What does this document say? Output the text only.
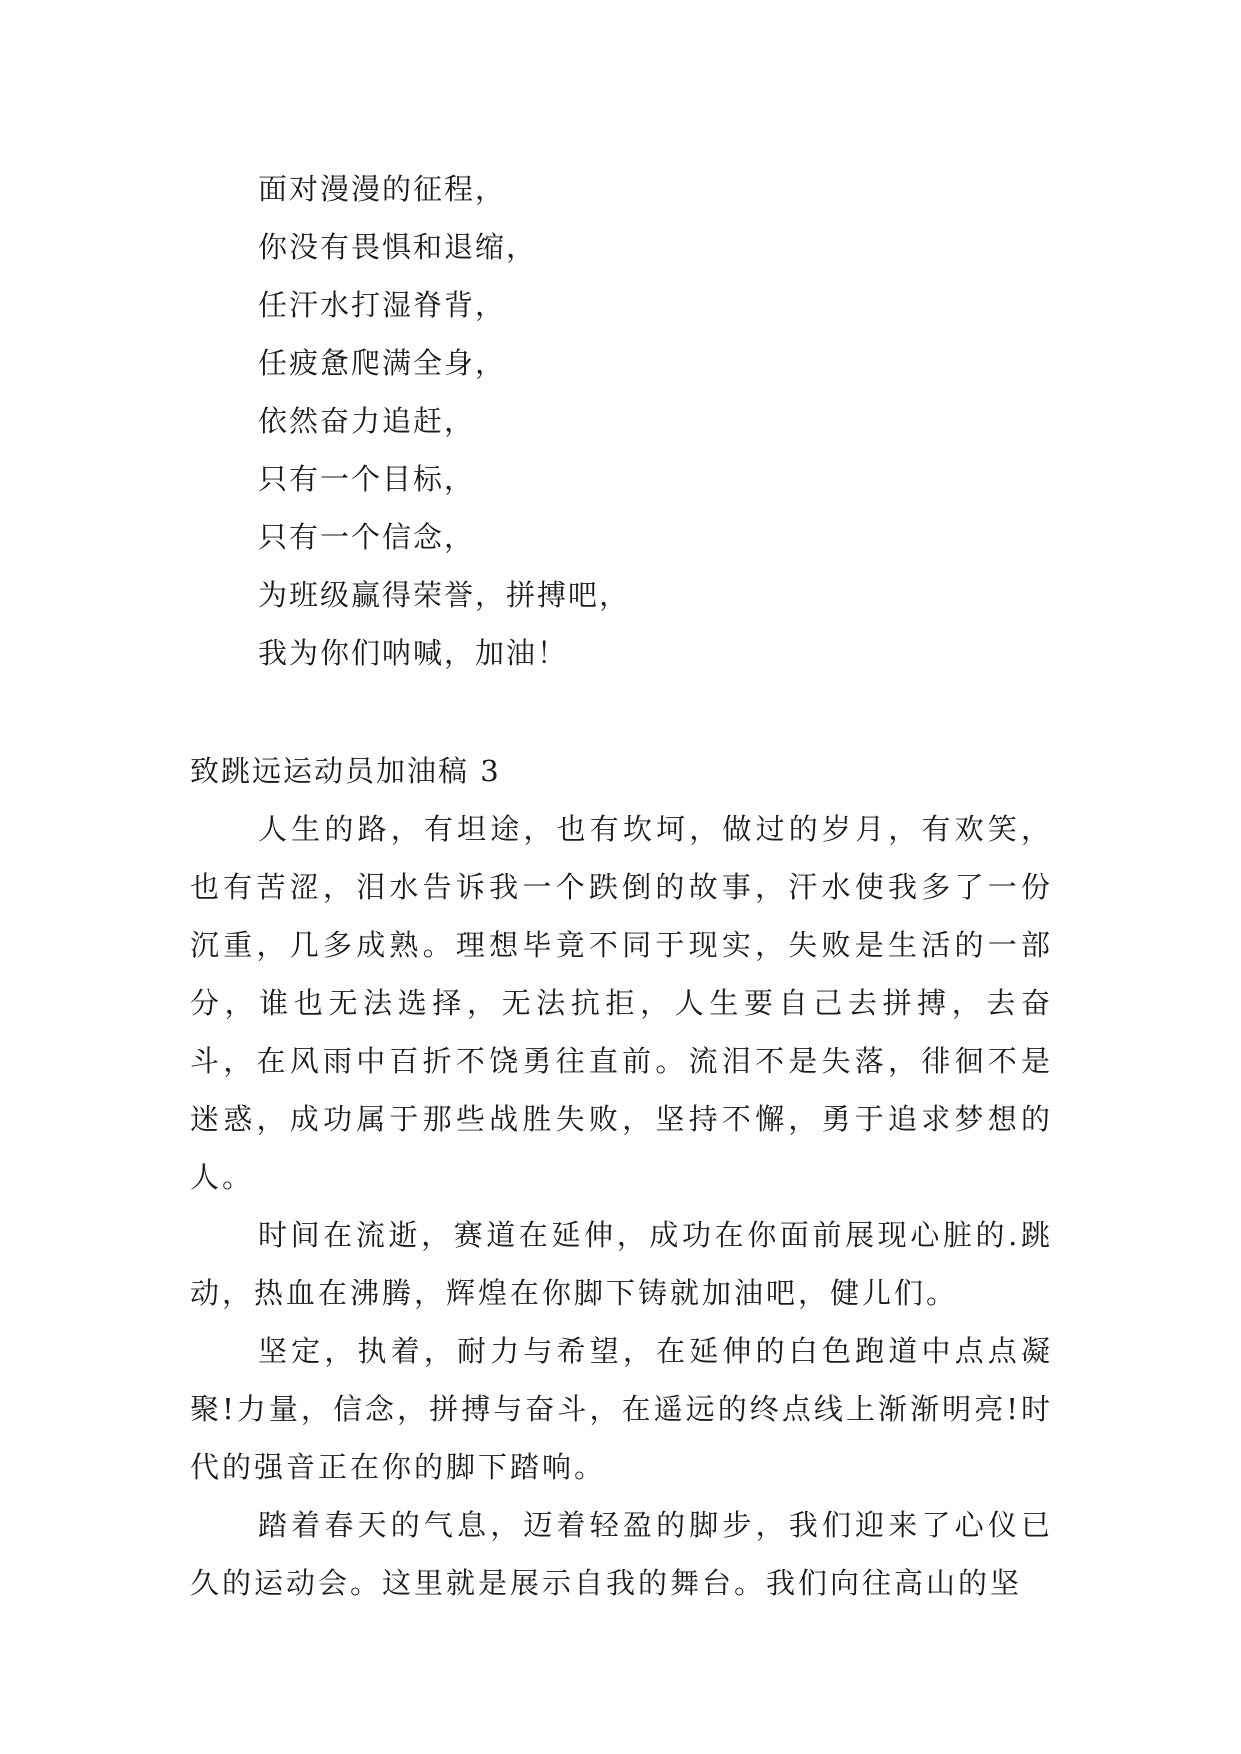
面对漫漫的征程，
你没有畏惧和退缩，
任汗水打湿脊背，
任疲惫爬满全身，
依然奋力追赶，
只有一个目标，
只有一个信念，
为班级赢得荣誉，拼搏吧，
我为你们呐喊，加油！
致跳远运动员加油稿 3

人生的路，有坦途，也有坎坷，做过的岁月，有欢笑，也有苦涩，泪水告诉我一个跌倒的故事，汗水使我多了一份沉重，几多成熟。理想毕竟不同于现实，失败是生活的一部分，谁也无法选择，无法抗拒，人生要自己去拼搏，去奋斗，在风雨中百折不饶勇往直前。流泪不是失落，徘徊不是迷惑，成功属于那些战胜失败，坚持不懈，勇于追求梦想的人。

时间在流逝，赛道在延伸，成功在你面前展现心脏的.跳动，热血在沸腾，辉煌在你脚下铸就加油吧，健儿们。

坚定，执着，耐力与希望，在延伸的白色跑道中点点凝聚!力量，信念，拼搏与奋斗，在遥远的终点线上渐渐明亮!时代的强音正在你的脚下踏响。

踏着春天的气息，迈着轻盈的脚步，我们迎来了心仪已久的运动会。这里就是展示自我的舞台。我们向往高山的坚
